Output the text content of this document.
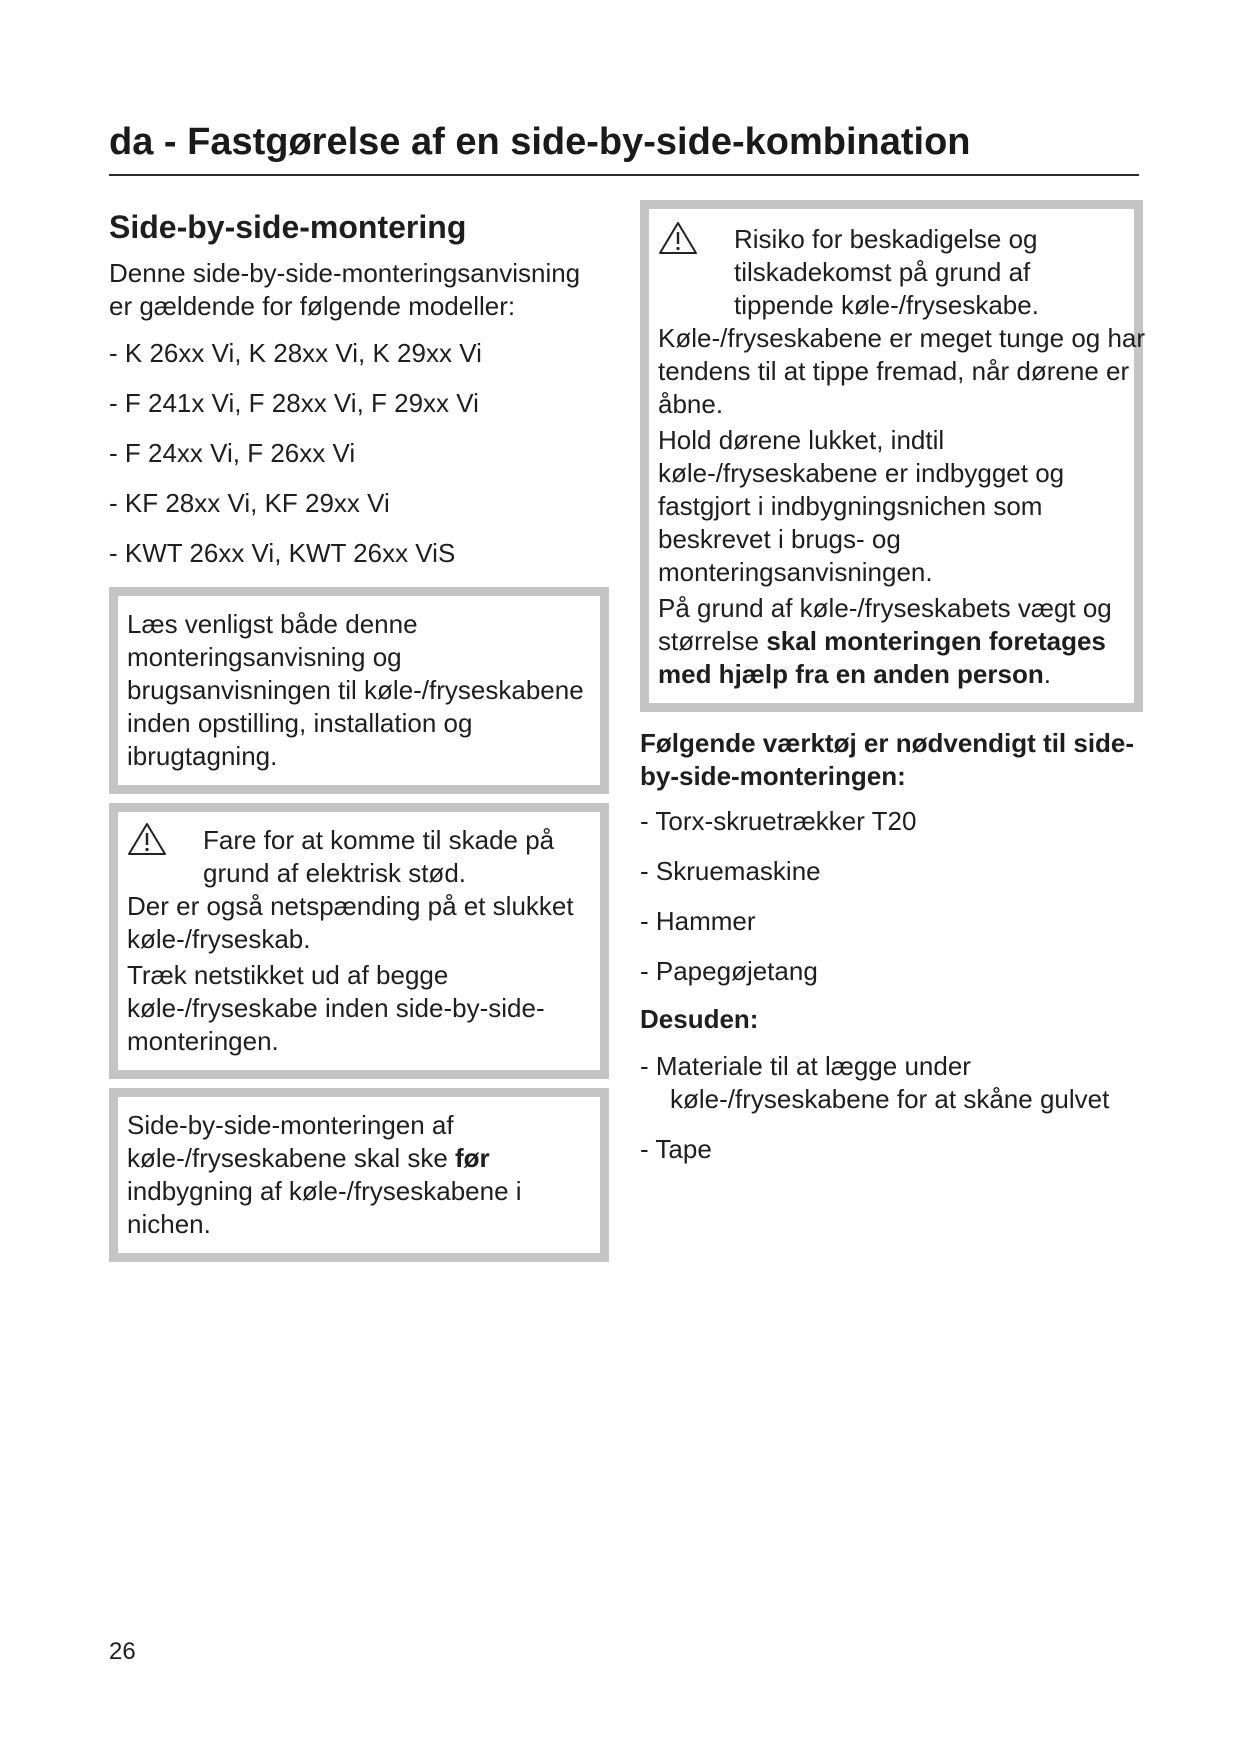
da - Fastgørelse af en side-by-side-kombination
Side-by-side-montering

Denne side-by-side-monteringsanvisning er gældende for følgende modeller:

- K 26xx Vi, K 28xx Vi, K 29xx Vi
- F 241x Vi, F 28xx Vi, F 29xx Vi
- F 24xx Vi, F 26xx Vi
- KF 28xx Vi, KF 29xx Vi
- KWT 26xx Vi, KWT 26xx ViS

Læs venligst både denne monteringsanvisning og brugsanvisningen til køle-/fryseskabene inden opstilling, installation og ibrugtagning.

Fare for at komme til skade på grund af elektrisk stød.

Der er også netspænding på et slukket køle-/fryseskab.

Træk netstikket ud af begge køle-/fryseskabe inden side-by-side-monteringen.

Side-by-side-monteringen af køle-/fryseskabene skal ske før indbygning af køle-/fryseskabene i nichen.

Risiko for beskadigelse og tilskadekomst på grund af tippende køle-/fryseskabe.

Køle-/fryseskabene er meget tunge og har tendens til at tippe fremad, når dørene er åbne.

Hold dørene lukket, indtil køle-/fryseskabene er indbygget og fastgjort i indbygningsnichen som beskrevet i brugs- og monteringsanvisningen.

På grund af køle-/fryseskabets vægt og størrelse skal monteringen foretages med hjælp fra en anden person.

Følgende værktøj er nødvendigt til side-by-side-monteringen:
- Torx-skruetrækker T20
- Skruemaskine
- Hammer
- Papegøjetang
Desuden:
- Materiale til at lægge under køle-/fryseskabene for at skåne gulvet
- Tape
26
